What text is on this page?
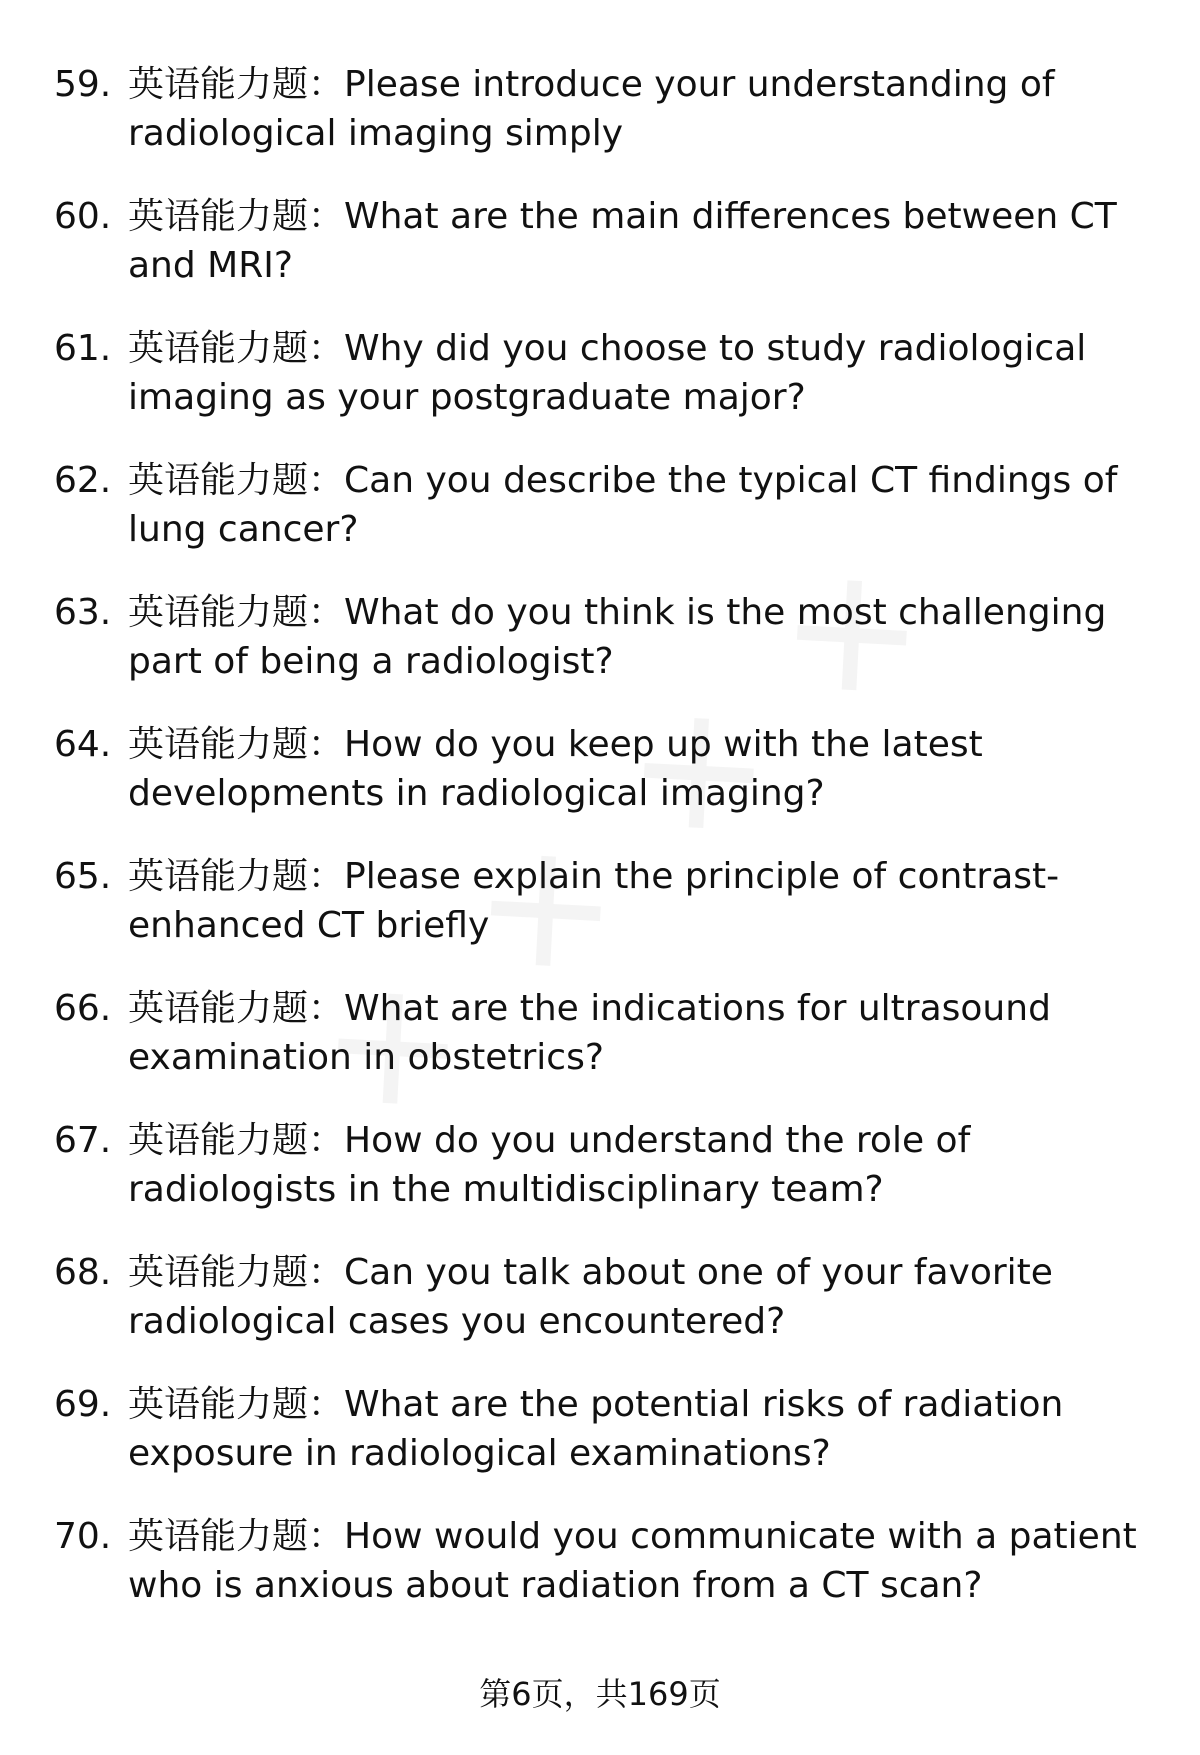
59. 英语能力题：Please introduce your understanding of radiological imaging simply
60. 英语能力题：What are the main differences between CT and MRI?
61. 英语能力题：Why did you choose to study radiological imaging as your postgraduate major?
62. 英语能力题：Can you describe the typical CT findings of lung cancer?
63. 英语能力题：What do you think is the most challenging part of being a radiologist?
64. 英语能力题：How do you keep up with the latest developments in radiological imaging?
65. 英语能力题：Please explain the principle of contrast-enhanced CT briefly
66. 英语能力题：What are the indications for ultrasound examination in obstetrics?
67. 英语能力题：How do you understand the role of radiologists in the multidisciplinary team?
68. 英语能力题：Can you talk about one of your favorite radiological cases you encountered?
69. 英语能力题：What are the potential risks of radiation exposure in radiological examinations?
70. 英语能力题：How would you communicate with a patient who is anxious about radiation from a CT scan?
第6页，共169页
